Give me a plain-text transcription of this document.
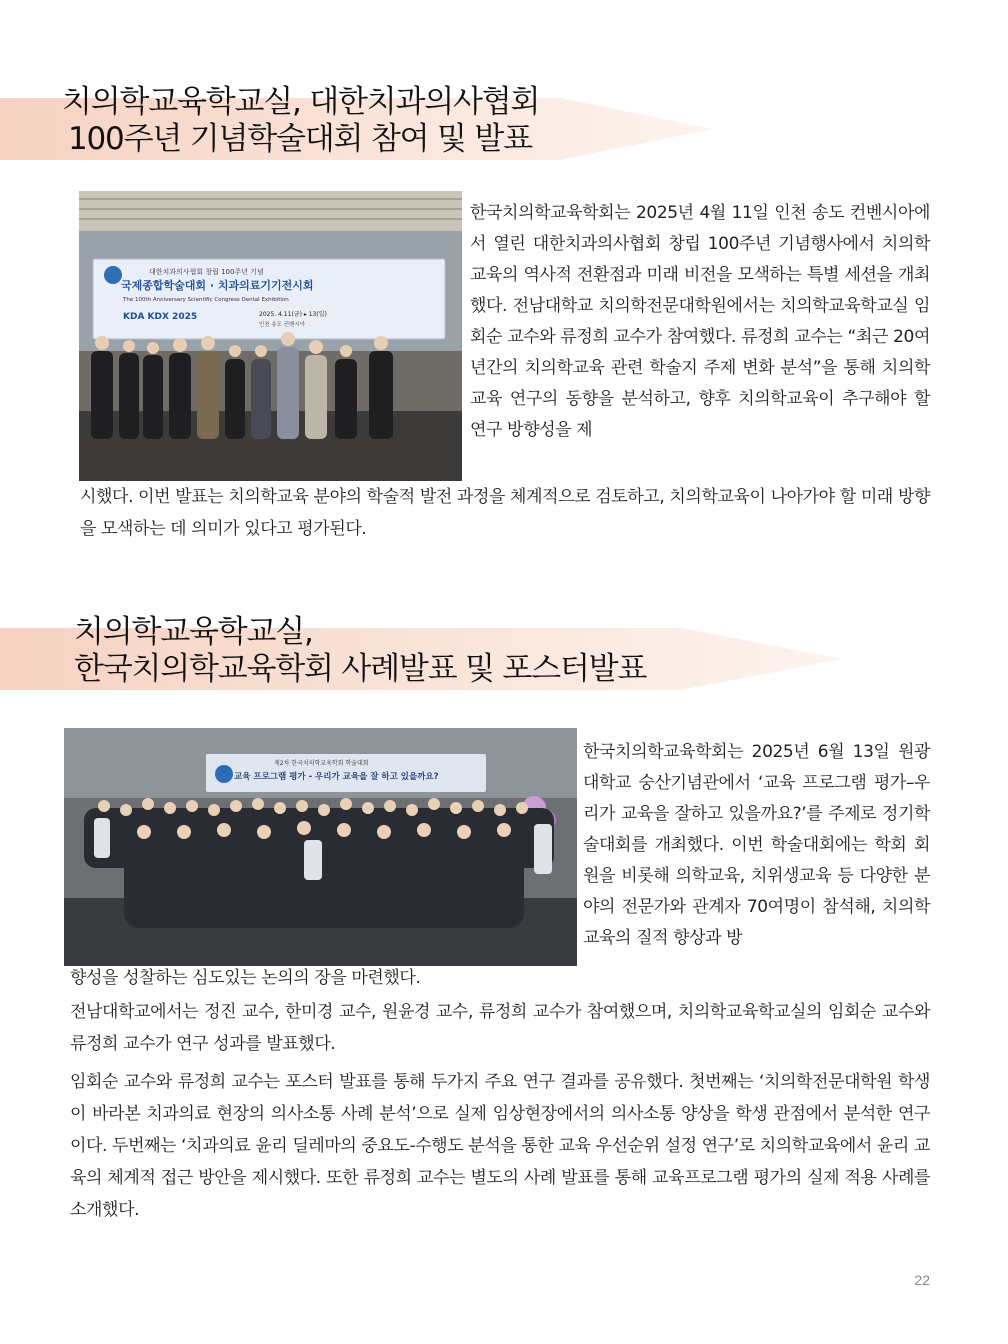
치의학교육학교실, 대한치과의사협회
100주년 기념학술대회 참여 및 발표
대한치과의사협회 창립 100주년 기념
국제종합학술대회 · 치과의료기기전시회
The 100th Anniversary Scientific Congress Dental Exhibition
KDA KDX 2025	2025. 4.11(금) ▸ 13(일)
인천 송도 컨벤시아

한국치의학교육학회는 2025년 4월 11일 인천 송도 컨벤시아에서 열린 대한치과의사협회 창립 100주년 기념행사에서 치의학교육의 역사적 전환점과 미래 비전을 모색하는 특별 세션을 개최했다. 전남대학교 치의학전문대학원에서는 치의학교육학교실 임회순 교수와 류정희 교수가 참여했다. 류정희 교수는 “최근 20여 년간의 치의학교육 관련 학술지 주제 변화 분석”을 통해 치의학교육 연구의 동향을 분석하고, 향후 치의학교육이 추구해야 할 연구 방향성을 제

시했다. 이번 발표는 치의학교육 분야의 학술적 발전 과정을 체계적으로 검토하고, 치의학교육이 나아가야 할 미래 방향을 모색하는 데 의미가 있다고 평가된다.

치의학교육학교실,
한국치의학교육학회 사례발표 및 포스터발표
제2차 한국치의학교육학회 학술대회
교육 프로그램 평가 - 우리가 교육을 잘 하고 있을까요?

한국치의학교육학회는 2025년 6월 13일 원광대학교 숭산기념관에서 ‘교육 프로그램 평가–우리가 교육을 잘하고 있을까요?’를 주제로 정기학술대회를 개최했다. 이번 학술대회에는 학회 회원을 비롯해 의학교육, 치위생교육 등 다양한 분야의 전문가와 관계자 70여명이 참석해, 치의학교육의 질적 향상과 방

향성을 성찰하는 심도있는 논의의 장을 마련했다.

전남대학교에서는 정진 교수, 한미경 교수, 원윤경 교수, 류정희 교수가 참여했으며, 치의학교육학교실의 임회순 교수와 류정희 교수가 연구 성과를 발표했다.

임회순 교수와 류정희 교수는 포스터 발표를 통해 두가지 주요 연구 결과를 공유했다. 첫번째는 ‘치의학전문대학원 학생이 바라본 치과의료 현장의 의사소통 사례 분석’으로 실제 임상현장에서의 의사소통 양상을 학생 관점에서 분석한 연구이다. 두번째는 ‘치과의료 윤리 딜레마의 중요도-수행도 분석을 통한 교육 우선순위 설정 연구’로 치의학교육에서 윤리 교육의 체계적 접근 방안을 제시했다. 또한 류정희 교수는 별도의 사례 발표를 통해 교육프로그램 평가의 실제 적용 사례를 소개했다.

22
